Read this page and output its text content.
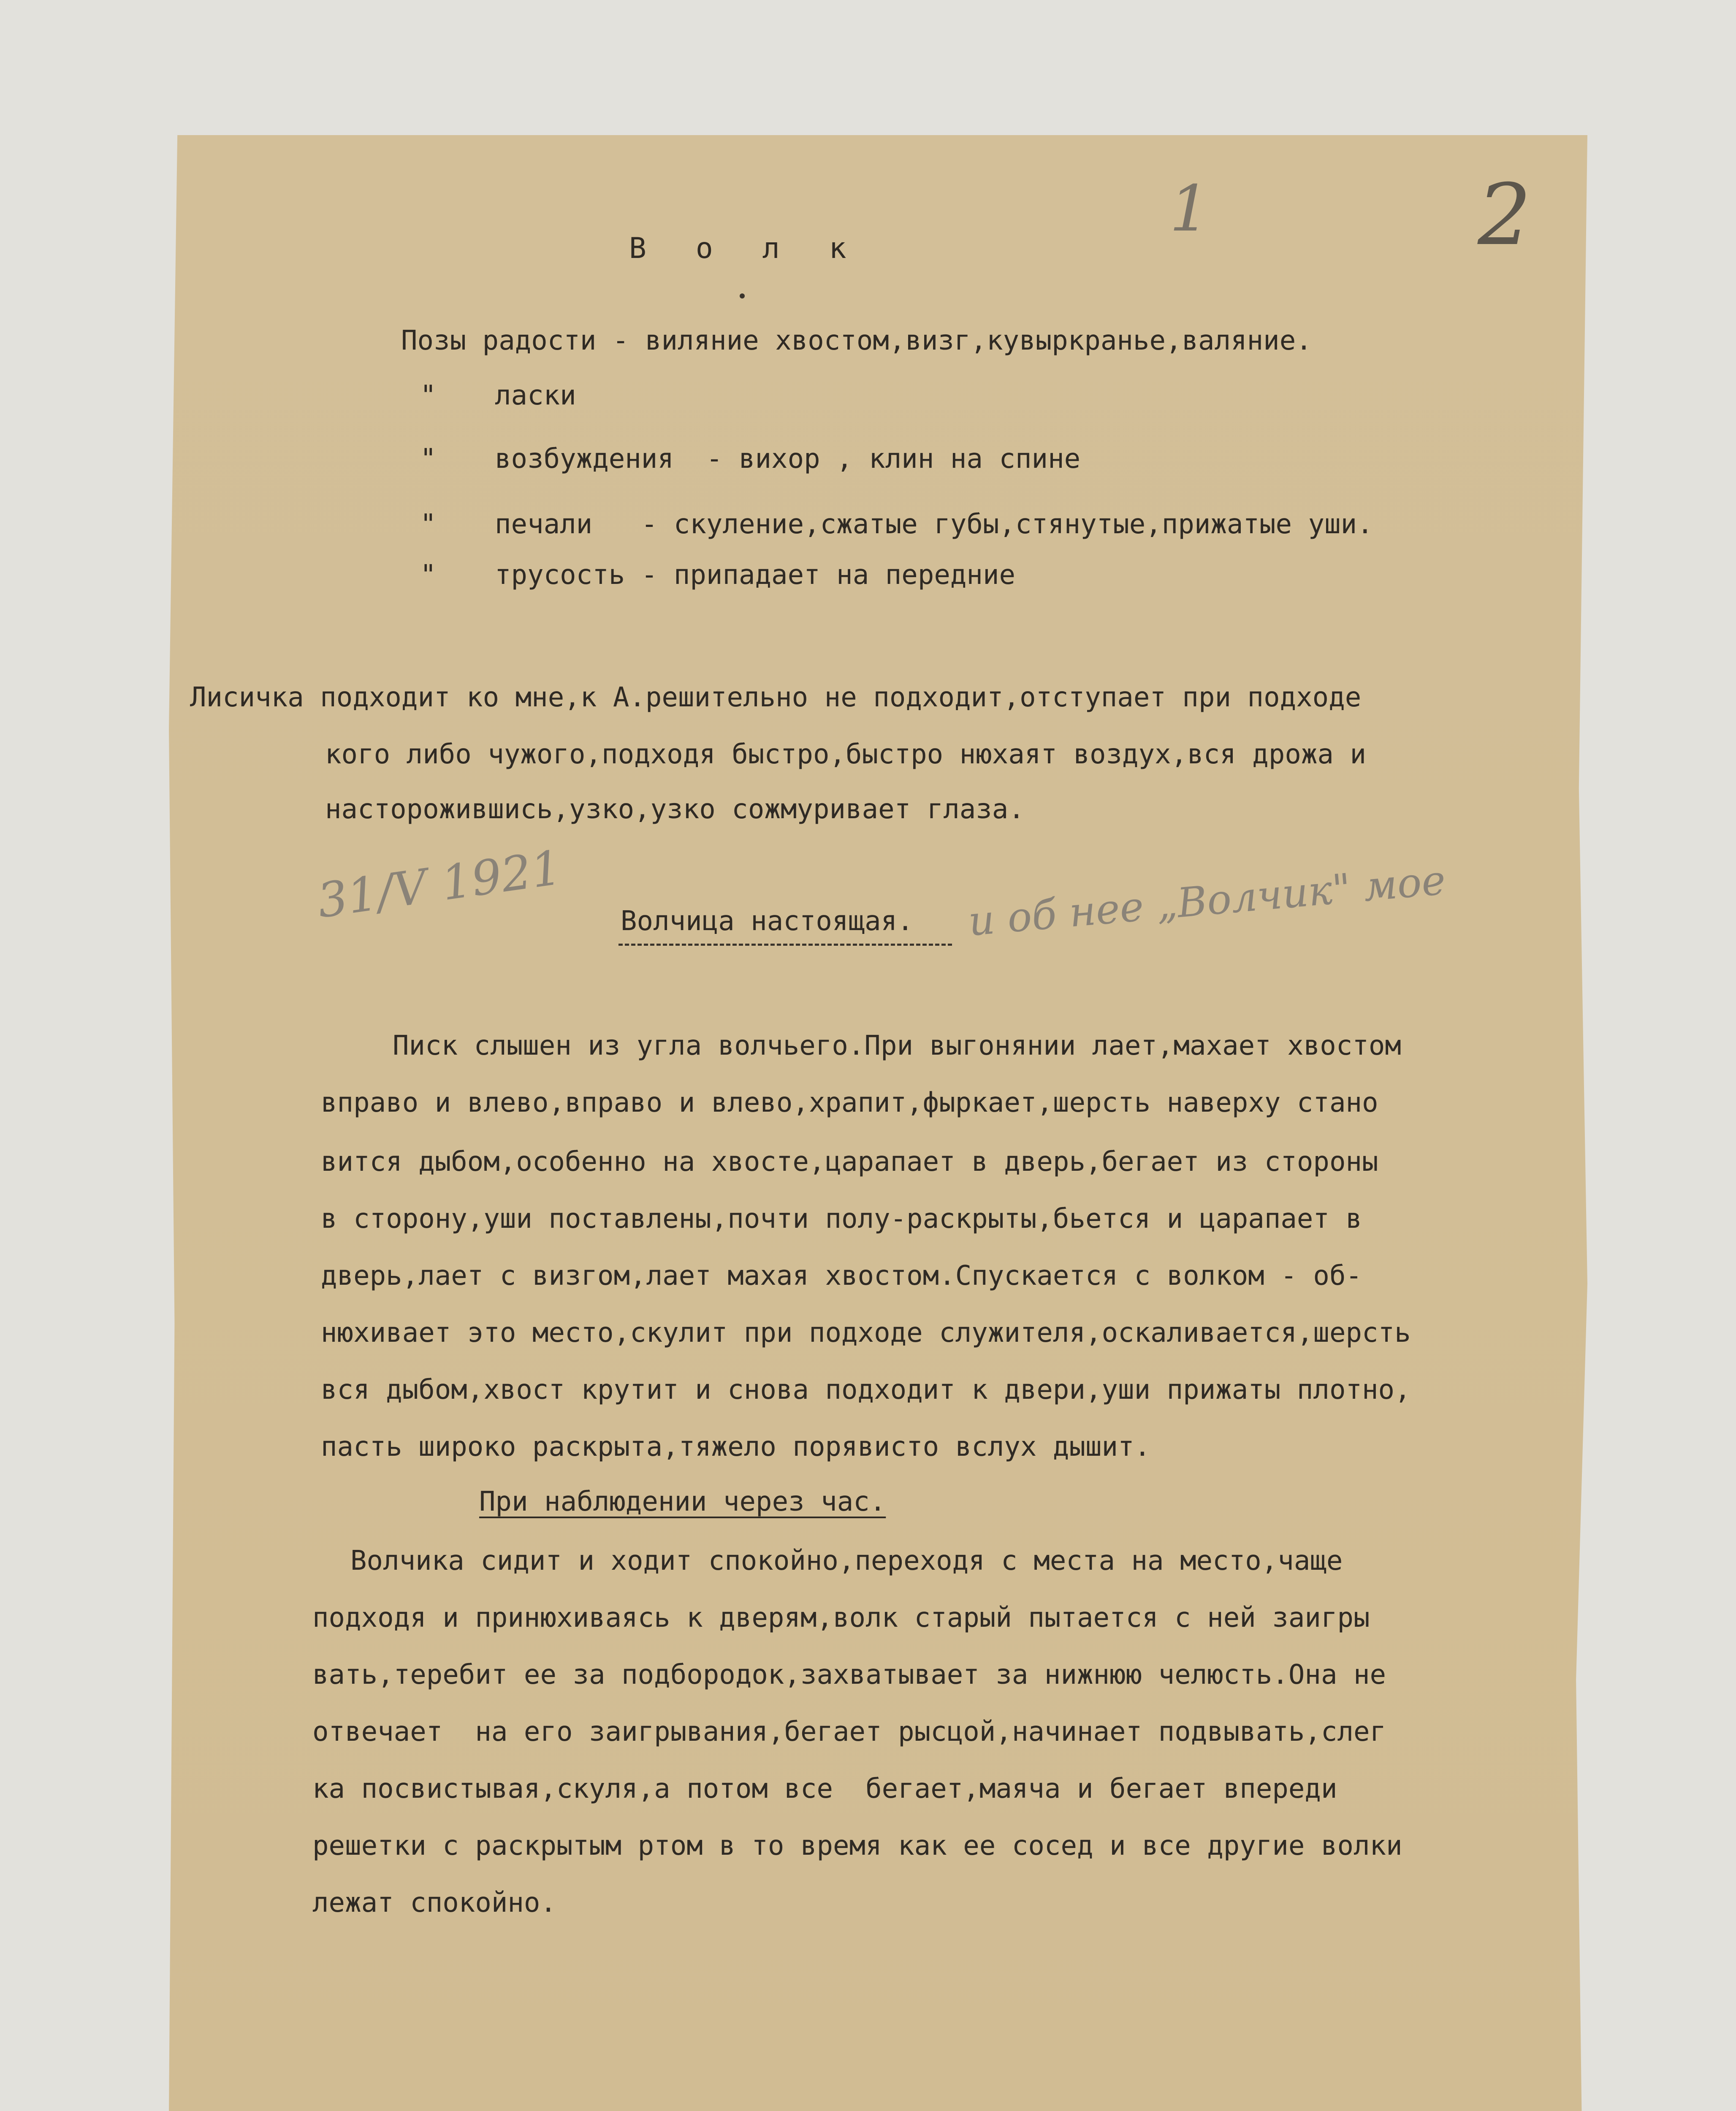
1	2
В о л к
Позы радости - виляние хвостом,визг,кувыркранье,валяние.
" ласки
" возбуждения  - вихор , клин на спине
" печали   - скуление,сжатые губы,стянутые,прижатые уши.
" трусость - припадает на передние
Лисичка подходит ко мне,к А.решительно не подходит,отступает при подходе
кого либо чужого,подходя быстро,быстро нюхаят воздух,вся дрожа и
насторожившись,узко,узко сожмуривает глаза.
31/V 1921	и об нее „Волчик" мое
Волчица настоящая.
Писк слышен из угла волчьего.При выгонянии лает,махает хвостом
вправо и влево,вправо и влево,храпит,фыркает,шерсть наверху стано
вится дыбом,особенно на хвосте,царапает в дверь,бегает из стороны
в сторону,уши поставлены,почти полу-раскрыты,бьется и царапает в
дверь,лает с визгом,лает махая хвостом.Спускается с волком - об-
нюхивает это место,скулит при подходе служителя,оскаливается,шерсть
вся дыбом,хвост крутит и снова подходит к двери,уши прижаты плотно,
пасть широко раскрыта,тяжело порявисто вслух дышит.
При наблюдении через час.
Волчика сидит и ходит спокойно,переходя с места на место,чаще
подходя и принюхиваясь к дверям,волк старый пытается с ней заигры
вать,теребит ее за подбородок,захватывает за нижнюю челюсть.Она не
отвечает  на его заигрывания,бегает рысцой,начинает подвывать,слег
ка посвистывая,скуля,а потом все  бегает,маяча и бегает впереди
решетки с раскрытым ртом в то время как ее сосед и все другие волки
лежат спокойно.
